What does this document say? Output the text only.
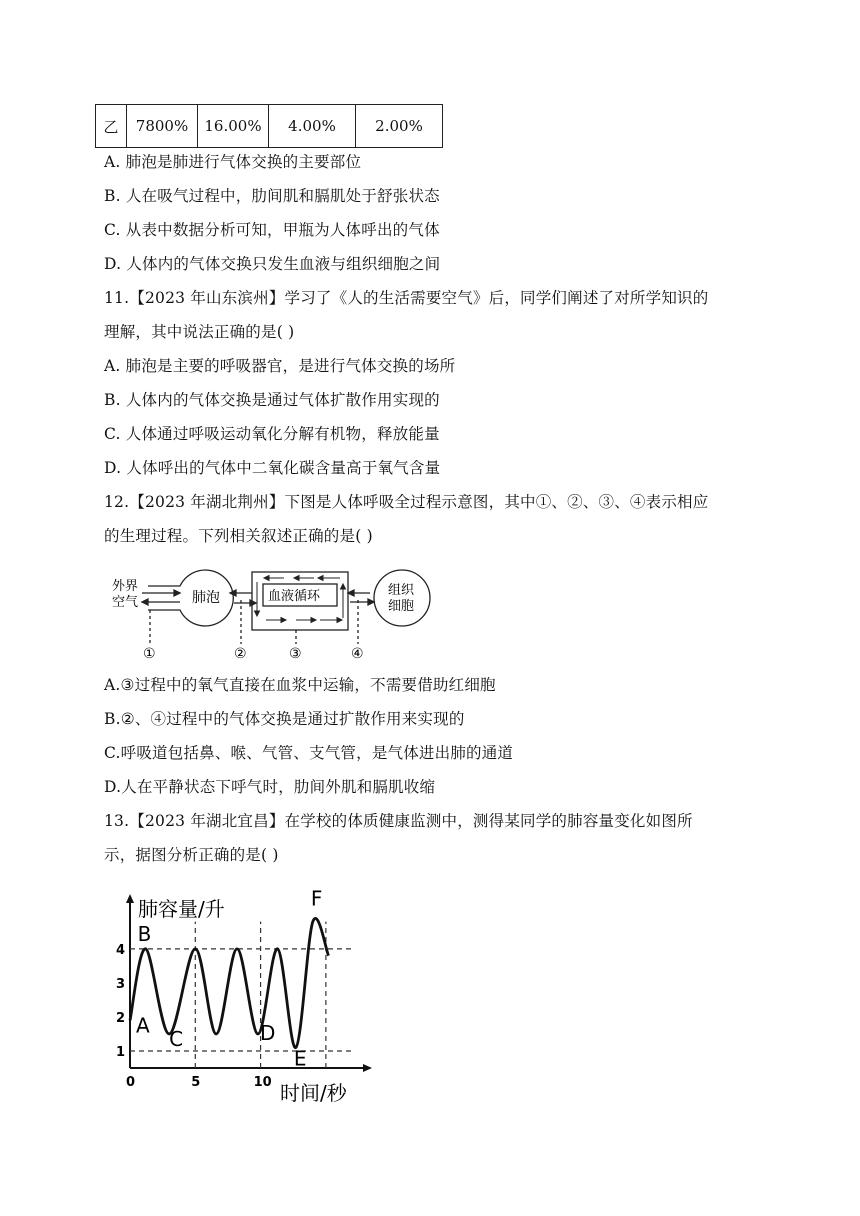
乙	7800%	16.00%	4.00%	2.00%
A. 肺泡是肺进行气体交换的主要部位
B. 人在吸气过程中，肋间肌和膈肌处于舒张状态
C. 从表中数据分析可知，甲瓶为人体呼出的气体
D. 人体内的气体交换只发生血液与组织细胞之间
11.【2023 年山东滨州】学习了《人的生活需要空气》后，同学们阐述了对所学知识的
理解，其中说法正确的是( )
A. 肺泡是主要的呼吸器官，是进行气体交换的场所
B. 人体内的气体交换是通过气体扩散作用实现的
C. 人体通过呼吸运动氧化分解有机物，释放能量
D. 人体呼出的气体中二氧化碳含量高于氧气含量
12.【2023 年湖北荆州】下图是人体呼吸全过程示意图，其中①、②、③、④表示相应
的生理过程。下列相关叙述正确的是( )
外界
空气	肺泡	血液循环	组织
细胞
①	②	③	④
A.③过程中的氧气直接在血浆中运输，不需要借助红细胞
B.②、④过程中的气体交换是通过扩散作用来实现的
C.呼吸道包括鼻、喉、气管、支气管，是气体进出肺的通道
D.人在平静状态下呼气时，肋间外肌和膈肌收缩
13.【2023 年湖北宜昌】在学校的体质健康监测中，测得某同学的肺容量变化如图所
示，据图分析正确的是( )
1
2
3
4
0	5	10
A
B
C	D
E
F
肺容量/升
时间/秒
